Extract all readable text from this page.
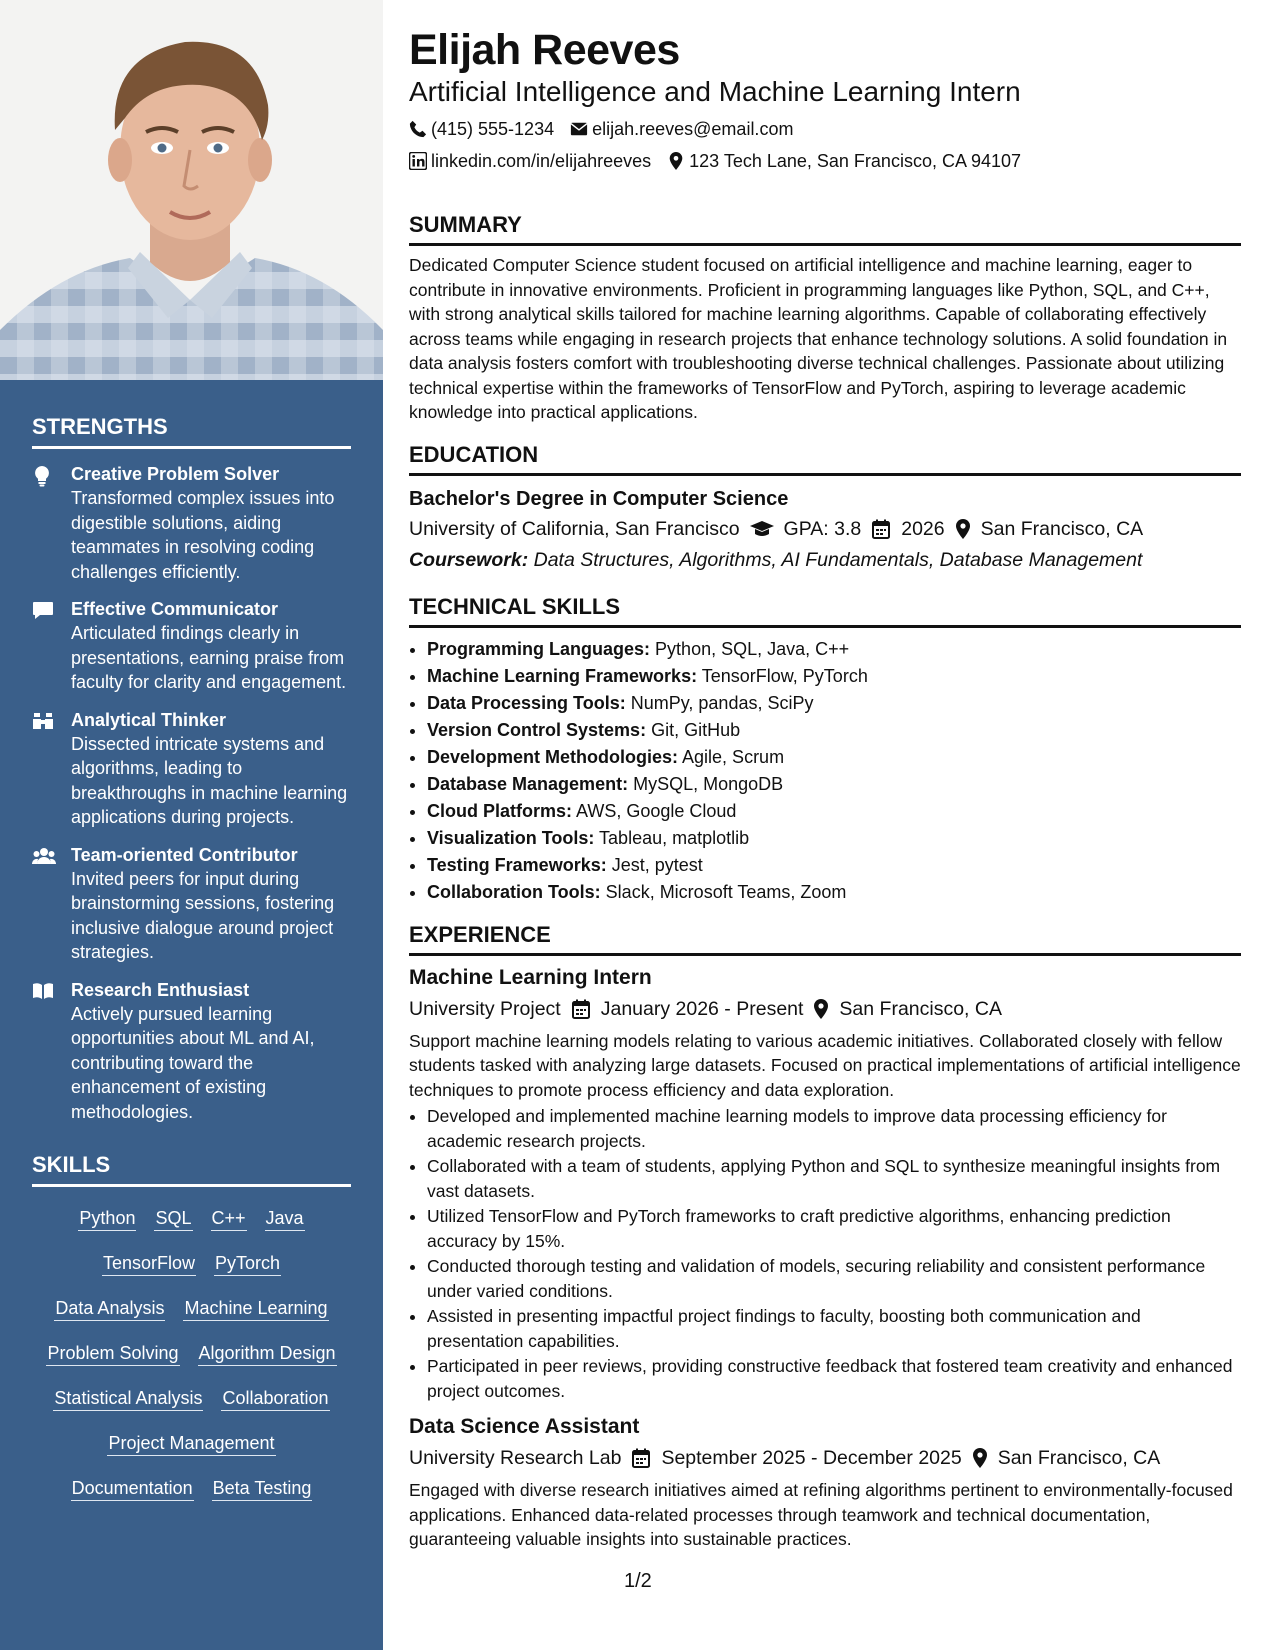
STRENGTHS
Creative Problem Solver
Transformed complex issues into digestible solutions, aiding teammates in resolving coding challenges efficiently.
Effective Communicator
Articulated findings clearly in presentations, earning praise from faculty for clarity and engagement.
Analytical Thinker
Dissected intricate systems and algorithms, leading to breakthroughs in machine learning applications during projects.
Team-oriented Contributor
Invited peers for input during brainstorming sessions, fostering inclusive dialogue around project strategies.
Research Enthusiast
Actively pursued learning opportunities about ML and AI, contributing toward the enhancement of existing methodologies.
SKILLS
Python SQL C++ Java
TensorFlow PyTorch
Data Analysis Machine Learning
Problem Solving Algorithm Design
Statistical Analysis Collaboration
Project Management
Documentation Beta Testing
Elijah Reeves
Artificial Intelligence and Machine Learning Intern
(415) 555-1234 elijah.reeves@email.com
linkedin.com/in/elijahreeves 123 Tech Lane, San Francisco, CA 94107
SUMMARY
Dedicated Computer Science student focused on artificial intelligence and machine learning, eager to contribute in innovative environments. Proficient in programming languages like Python, SQL, and C++, with strong analytical skills tailored for machine learning algorithms. Capable of collaborating effectively across teams while engaging in research projects that enhance technology solutions. A solid foundation in data analysis fosters comfort with troubleshooting diverse technical challenges. Passionate about utilizing technical expertise within the frameworks of TensorFlow and PyTorch, aspiring to leverage academic knowledge into practical applications.
EDUCATION
Bachelor's Degree in Computer Science
University of California, San Francisco GPA: 3.8 2026 San Francisco, CA
Coursework: Data Structures, Algorithms, AI Fundamentals, Database Management
TECHNICAL SKILLS
• Programming Languages: Python, SQL, Java, C++
• Machine Learning Frameworks: TensorFlow, PyTorch
• Data Processing Tools: NumPy, pandas, SciPy
• Version Control Systems: Git, GitHub
• Development Methodologies: Agile, Scrum
• Database Management: MySQL, MongoDB
• Cloud Platforms: AWS, Google Cloud
• Visualization Tools: Tableau, matplotlib
• Testing Frameworks: Jest, pytest
• Collaboration Tools: Slack, Microsoft Teams, Zoom
EXPERIENCE
Machine Learning Intern
University Project January 2026 - Present San Francisco, CA
Support machine learning models relating to various academic initiatives. Collaborated closely with fellow students tasked with analyzing large datasets. Focused on practical implementations of artificial intelligence techniques to promote process efficiency and data exploration.
• Developed and implemented machine learning models to improve data processing efficiency for academic research projects.
• Collaborated with a team of students, applying Python and SQL to synthesize meaningful insights from vast datasets.
• Utilized TensorFlow and PyTorch frameworks to craft predictive algorithms, enhancing prediction accuracy by 15%.
• Conducted thorough testing and validation of models, securing reliability and consistent performance under varied conditions.
• Assisted in presenting impactful project findings to faculty, boosting both communication and presentation capabilities.
• Participated in peer reviews, providing constructive feedback that fostered team creativity and enhanced project outcomes.
Data Science Assistant
University Research Lab September 2025 - December 2025 San Francisco, CA
Engaged with diverse research initiatives aimed at refining algorithms pertinent to environmentally-focused applications. Enhanced data-related processes through teamwork and technical documentation, guaranteeing valuable insights into sustainable practices.
1/2
